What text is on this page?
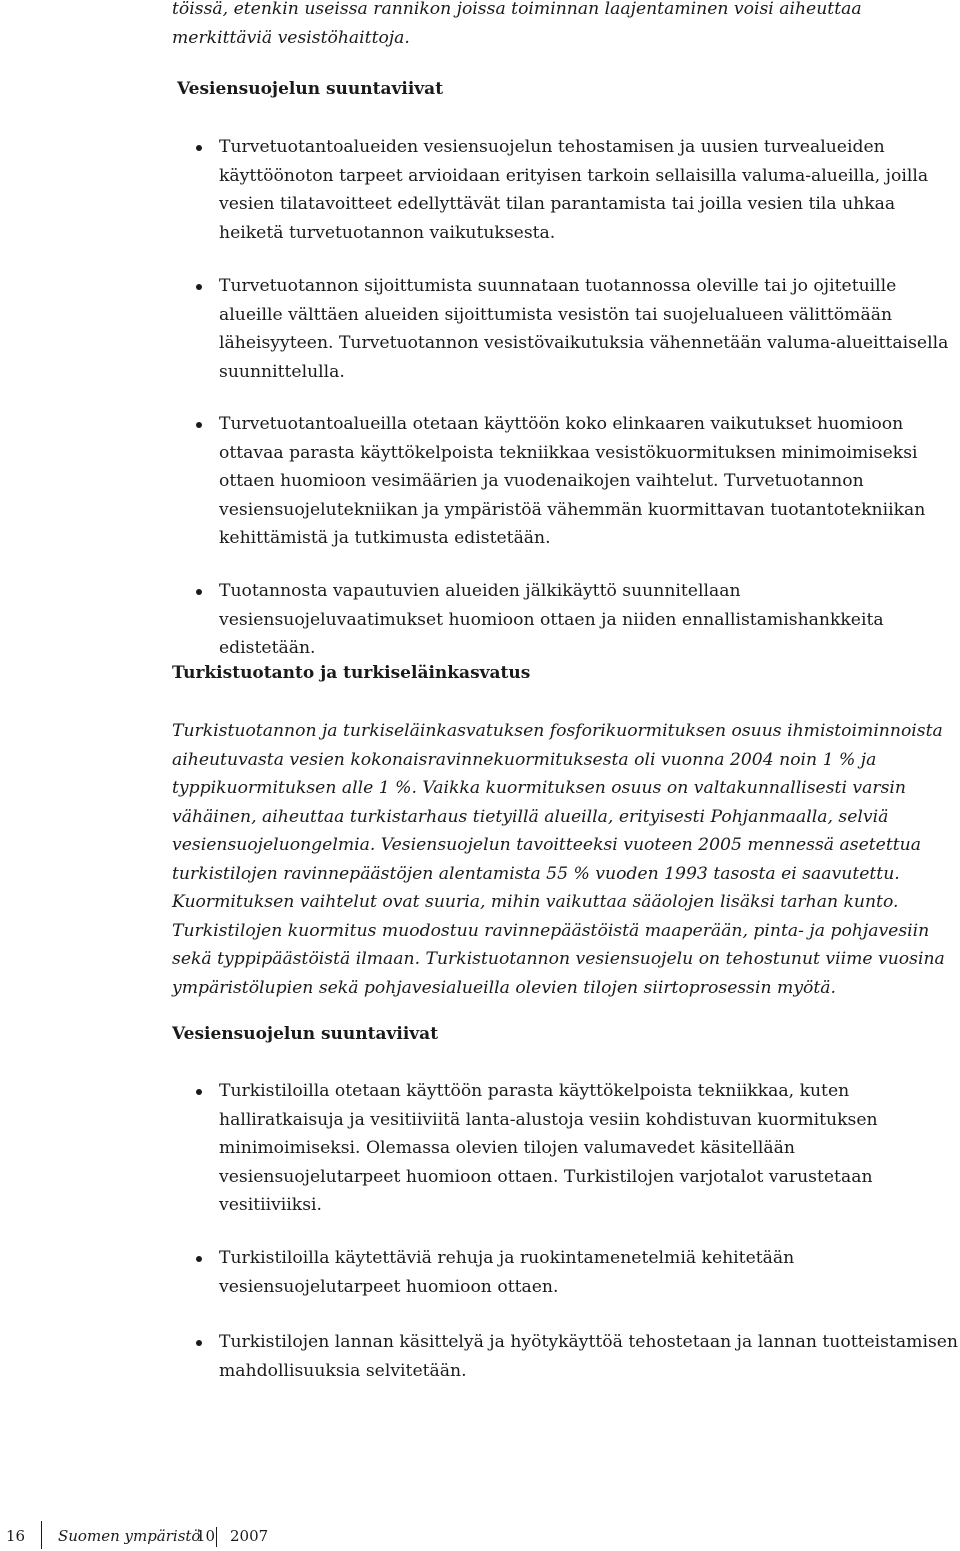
töissä, etenkin useissa rannikon joissa toiminnan laajentaminen voisi aiheuttaa merkittäviä vesistöhaittoja.
Vesiensuojelun suuntaviivat
Turvetuotantoalueiden vesiensuojelun tehostamisen ja uusien turvealueiden käyttöönoton tarpeet arvioidaan erityisen tarkoin sellaisilla valuma-alueilla, joilla vesien tilatavoitteet edellyttävät tilan parantamista tai joilla vesien tila uhkaa heiketä turvetuotannon vaikutuksesta.
Turvetuotannon sijoittumista suunnataan tuotannossa oleville tai jo ojitetuille alueille välttäen alueiden sijoittumista vesistön tai suojelualueen välittömään läheisyyteen. Turvetuotannon vesistövaikutuksia vähennetään valuma-alueittaisella suunnittelulla.
Turvetuotantoalueilla otetaan käyttöön koko elinkaaren vaikutukset huomioon ottavaa parasta käyttökelpoista tekniikkaa vesistökuormituksen minimoimiseksi ottaen huomioon vesimäärien ja vuodenaikojen vaihtelut. Turvetuotannon vesiensuojelutekniikan ja ympäristöä vähemmän kuormittavan tuotantotekniikan kehittämistä ja tutkimusta edistetään.
Tuotannosta vapautuvien alueiden jälkikäyttö suunnitellaan vesiensuojeluvaatimukset huomioon ottaen ja niiden ennallistamishankkeita edistetään.
Turkistuotanto ja turkiseläinkasvatus
Turkistuotannon ja turkiseläinkasvatuksen fosforikuormituksen osuus ihmistoiminnoista aiheutuvasta vesien kokonaisravinnekuormituksesta oli vuonna 2004 noin 1 % ja typpikuormituksen alle 1 %. Vaikka kuormituksen osuus on valtakunnallisesti varsin vähäinen, aiheuttaa turkistarhaus tietyillä alueilla, erityisesti Pohjanmaalla, selviä vesiensuojeluongelmia. Vesiensuojelun tavoitteeksi vuoteen 2005 mennessä asetettua turkistilojen ravinnepäästöjen alentamista 55 % vuoden 1993 tasosta ei saavutettu. Kuormituksen vaihtelut ovat suuria, mihin vaikuttaa sääolojen lisäksi tarhan kunto. Turkistilojen kuormitus muodostuu ravinnepäästöistä maaperään, pinta- ja pohjavesiin sekä typpipäästöistä ilmaan. Turkistuotannon vesiensuojelu on tehostunut viime vuosina ympäristölupien sekä pohjavesialueilla olevien tilojen siirtoprosessin myötä.
Vesiensuojelun suuntaviivat
Turkistiloilla otetaan käyttöön parasta käyttökelpoista tekniikkaa, kuten halliratkaisuja ja vesitiiviitä lanta-alustoja vesiin kohdistuvan kuormituksen minimoimiseksi. Olemassa olevien tilojen valumavedet käsitellään vesiensuojelutarpeet huomioon ottaen. Turkistilojen varjotalot varustetaan vesitiiviiksi.
Turkistiloilla käytettäviä rehuja ja ruokintamenetelmiä kehitetään vesiensuojelutarpeet huomioon ottaen.
Turkistilojen lannan käsittelyä ja hyötykäyttöä tehostetaan ja lannan tuotteistamisen mahdollisuuksia selvitetään.
16 Suomen ympäristö
10 2007
